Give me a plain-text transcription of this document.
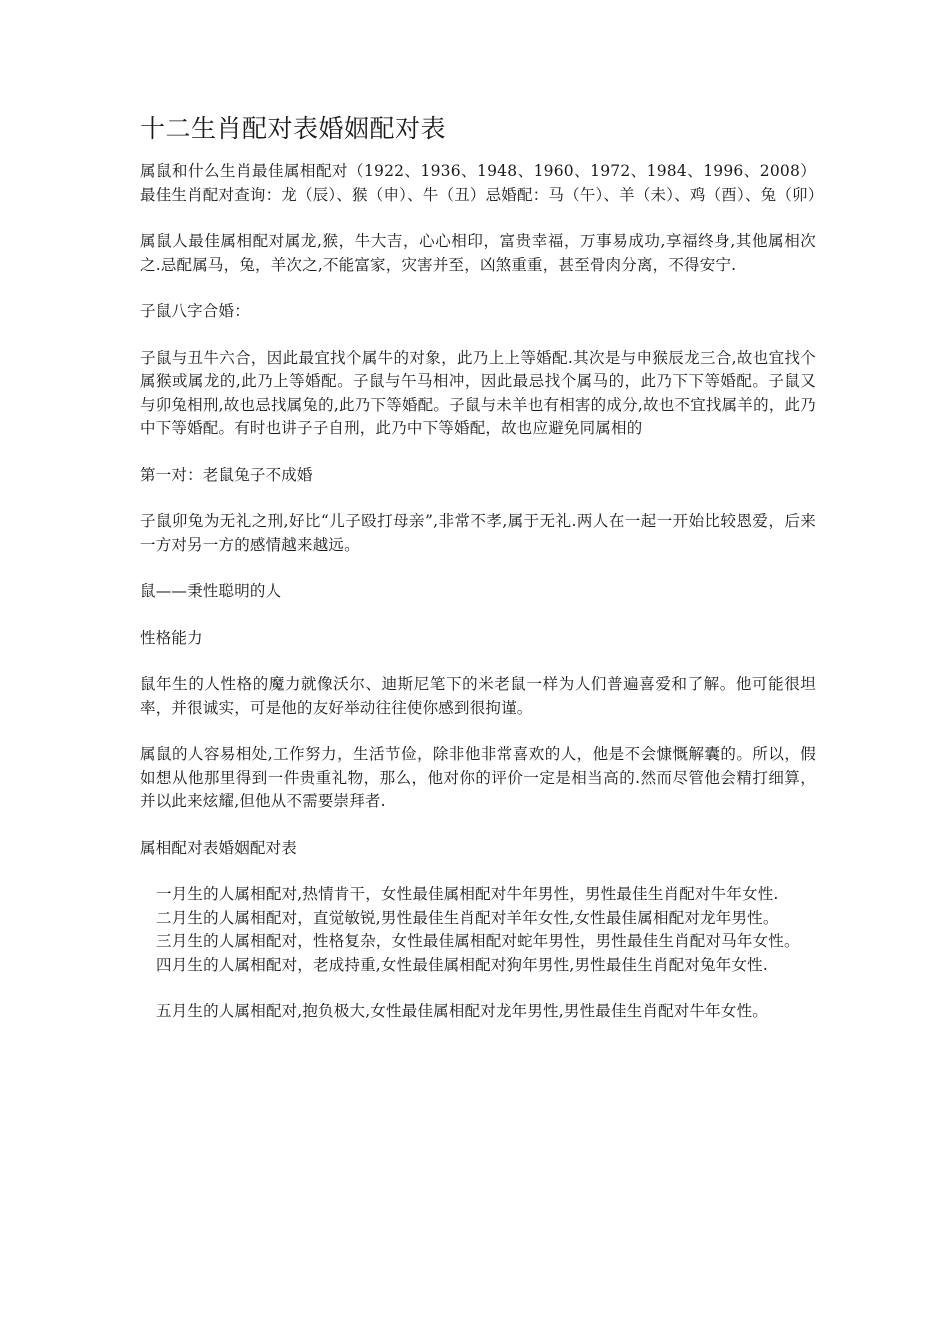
十二生肖配对表婚姻配对表

属鼠和什么生肖最佳属相配对（1922、1936、1948、1960、1972、1984、1996、2008）最佳生肖配对查询：龙（辰）、猴（申）、牛（丑）忌婚配：马（午）、羊（未）、鸡（酉）、兔（卯）

属鼠人最佳属相配对属龙,猴，牛大吉，心心相印，富贵幸福，万事易成功,享福终身,其他属相次之.忌配属马，兔，羊次之,不能富家，灾害并至，凶煞重重，甚至骨肉分离，不得安宁.

子鼠八字合婚：

子鼠与丑牛六合，因此最宜找个属牛的对象，此乃上上等婚配.其次是与申猴辰龙三合,故也宜找个属猴或属龙的,此乃上等婚配。子鼠与午马相冲，因此最忌找个属马的，此乃下下等婚配。子鼠又与卯兔相刑,故也忌找属兔的,此乃下等婚配。子鼠与未羊也有相害的成分,故也不宜找属羊的，此乃中下等婚配。有时也讲子子自刑，此乃中下等婚配，故也应避免同属相的

第一对：老鼠兔子不成婚

子鼠卯兔为无礼之刑,好比“儿子殴打母亲”,非常不孝,属于无礼.两人在一起一开始比较恩爱，后来一方对另一方的感情越来越远。

鼠——秉性聪明的人

性格能力

鼠年生的人性格的魔力就像沃尔、迪斯尼笔下的米老鼠一样为人们普遍喜爱和了解。他可能很坦率，并很诚实，可是他的友好举动往往使你感到很拘谨。

属鼠的人容易相处,工作努力，生活节俭，除非他非常喜欢的人，他是不会慷慨解囊的。所以，假如想从他那里得到一件贵重礼物，那么，他对你的评价一定是相当高的.然而尽管他会精打细算，并以此来炫耀,但他从不需要崇拜者.

属相配对表婚姻配对表

一月生的人属相配对,热情肯干，女性最佳属相配对牛年男性，男性最佳生肖配对牛年女性.

二月生的人属相配对，直觉敏锐,男性最佳生肖配对羊年女性,女性最佳属相配对龙年男性。

三月生的人属相配对，性格复杂，女性最佳属相配对蛇年男性，男性最佳生肖配对马年女性。

四月生的人属相配对，老成持重,女性最佳属相配对狗年男性,男性最佳生肖配对兔年女性.

五月生的人属相配对,抱负极大,女性最佳属相配对龙年男性,男性最佳生肖配对牛年女性。
